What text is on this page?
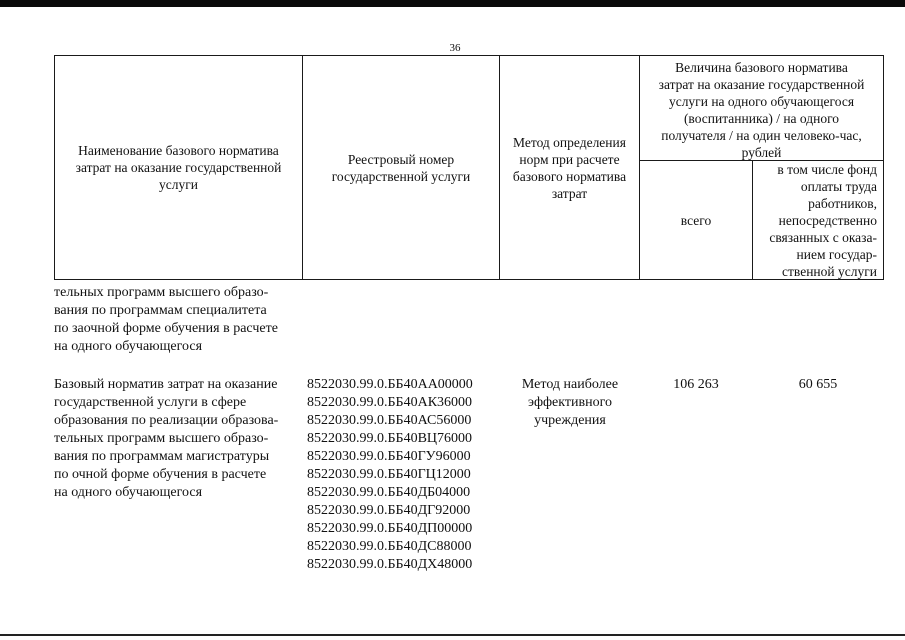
36
Наименование базового норматива
затрат на оказание государственной
услуги
Реестровый номер
государственной услуги
Метод определения
норм при расчете
базового норматива
затрат
Величина базового норматива
затрат на оказание государственной
услуги на одного обучающегося
(воспитанника) / на одного
получателя / на один человеко-час,
рублей
всего
в том числе фонд
оплаты труда
работников,
непосредственно
связанных с оказа-
нием государ-
ственной услуги
тельных программ высшего образо-
вания по программам специалитета
по заочной форме обучения в расчете
на одного обучающегося
Базовый норматив затрат на оказание
государственной услуги в сфере
образования по реализации образова-
тельных программ высшего образо-
вания по программам магистратуры
по очной форме обучения в расчете
на одного обучающегося
8522030.99.0.ББ40АА00000
8522030.99.0.ББ40АК36000
8522030.99.0.ББ40АС56000
8522030.99.0.ББ40ВЦ76000
8522030.99.0.ББ40ГУ96000
8522030.99.0.ББ40ГЦ12000
8522030.99.0.ББ40ДБ04000
8522030.99.0.ББ40ДГ92000
8522030.99.0.ББ40ДП00000
8522030.99.0.ББ40ДС88000
8522030.99.0.ББ40ДХ48000
Метод наиболее
эффективного
учреждения
106 263	60 655
